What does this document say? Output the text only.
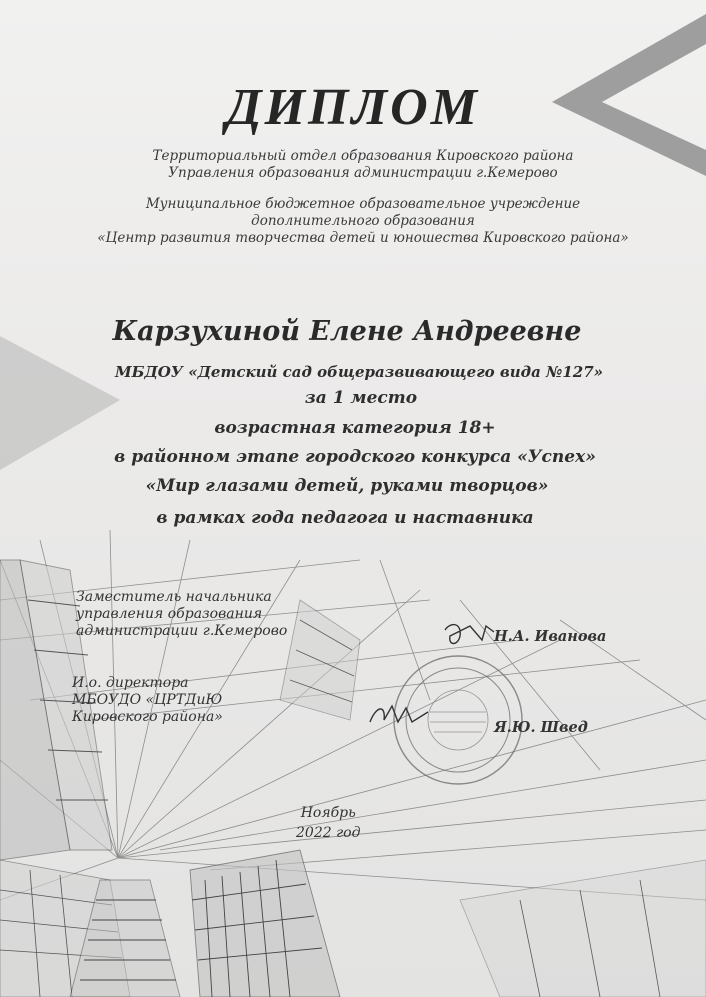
ДИПЛОМ
Территориальный отдел образования Кировского района
Управления образования администрации г.Кемерово
Муниципальное бюджетное образовательное учреждение
дополнительного образования
«Центр развития творчества детей и юношества Кировского района»
Карзухиной Елене Андреевне
МБДОУ «Детский сад общеразвивающего вида №127»
за 1 место
возрастная категория 18+
в районном этапе городского конкурса «Успех»
«Мир глазами детей, руками творцов»
в рамках года педагога и наставника
Заместитель начальника
управления образования
администрации г.Кемерово	Н.А. Иванова
И.о. директора
МБОУДО «ЦРТДиЮ
Кировского района»
Я.Ю. Швед
Ноябрь
2022 год
